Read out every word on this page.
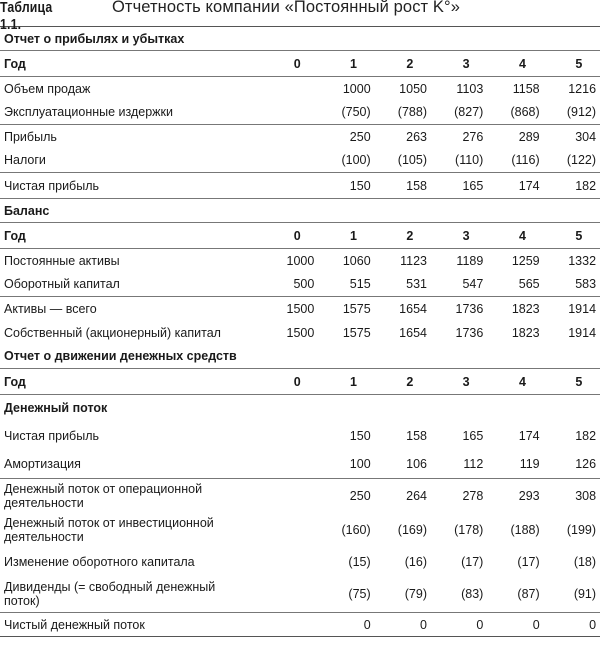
Таблица 1.1.
Отчетность компании «Постоянный рост K°»
Отчет о прибылях и убытках						
Год	0	1	2	3	4	5
Объем продаж		1000	1050	1103	1158	1216
Эксплуатационные издержки		(750)	(788)	(827)	(868)	(912)
Прибыль		250	263	276	289	304
Налоги		(100)	(105)	(110)	(116)	(122)
Чистая прибыль		150	158	165	174	182
Баланс						
Год	0	1	2	3	4	5
Постоянные активы	1000	1060	1123	1189	1259	1332
Оборотный капитал	500	515	531	547	565	583
Активы — всего	1500	1575	1654	1736	1823	1914
Собственный (акционерный) капитал	1500	1575	1654	1736	1823	1914
Отчет о движении денежных средств						
Год	0	1	2	3	4	5
Денежный поток						
Чистая прибыль		150	158	165	174	182
Амортизация		100	106	112	119	126

Денежный поток от операционной
деятельности		250	264	278	293	308

Денежный поток от инвестиционной
деятельности		(160)	(169)	(178)	(188)	(199)
Изменение оборотного капитала		(15)	(16)	(17)	(17)	(18)

Дивиденды (= свободный денежный
поток)		(75)	(79)	(83)	(87)	(91)
Чистый денежный поток		0	0	0	0	0
